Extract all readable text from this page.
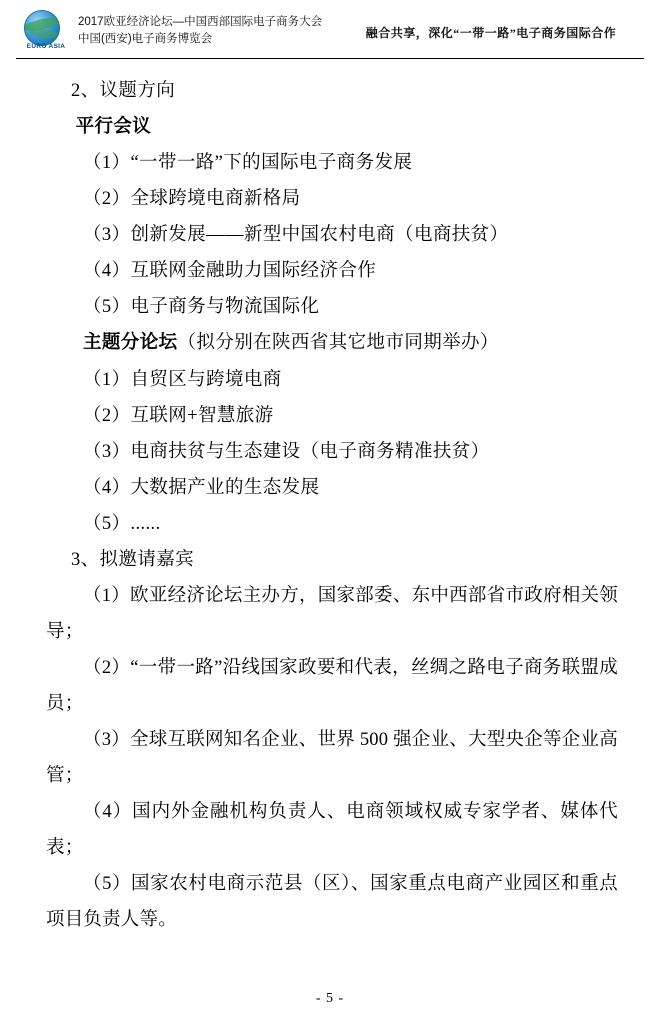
EURO ASIA
2017欧亚经济论坛—中国西部国际电子商务大会
中国(西安)电子商务博览会	融合共享，深化“一带一路”电子商务国际合作
2、议题方向
平行会议
（1）“一带一路”下的国际电子商务发展
（2）全球跨境电商新格局
（3）创新发展——新型中国农村电商（电商扶贫）
（4）互联网金融助力国际经济合作
（5）电子商务与物流国际化
主题分论坛（拟分别在陕西省其它地市同期举办）
（1）自贸区与跨境电商
（2）互联网+智慧旅游
（3）电商扶贫与生态建设（电子商务精准扶贫）
（4）大数据产业的生态发展
（5）......
3、拟邀请嘉宾
（1）欧亚经济论坛主办方，国家部委、东中西部省市政府相关领导；
（2）“一带一路”沿线国家政要和代表，丝绸之路电子商务联盟成员；
（3）全球互联网知名企业、世界 500 强企业、大型央企等企业高管；
（4）国内外金融机构负责人、电商领域权威专家学者、媒体代表；
（5）国家农村电商示范县（区）、国家重点电商产业园区和重点项目负责人等。
- 5 -
